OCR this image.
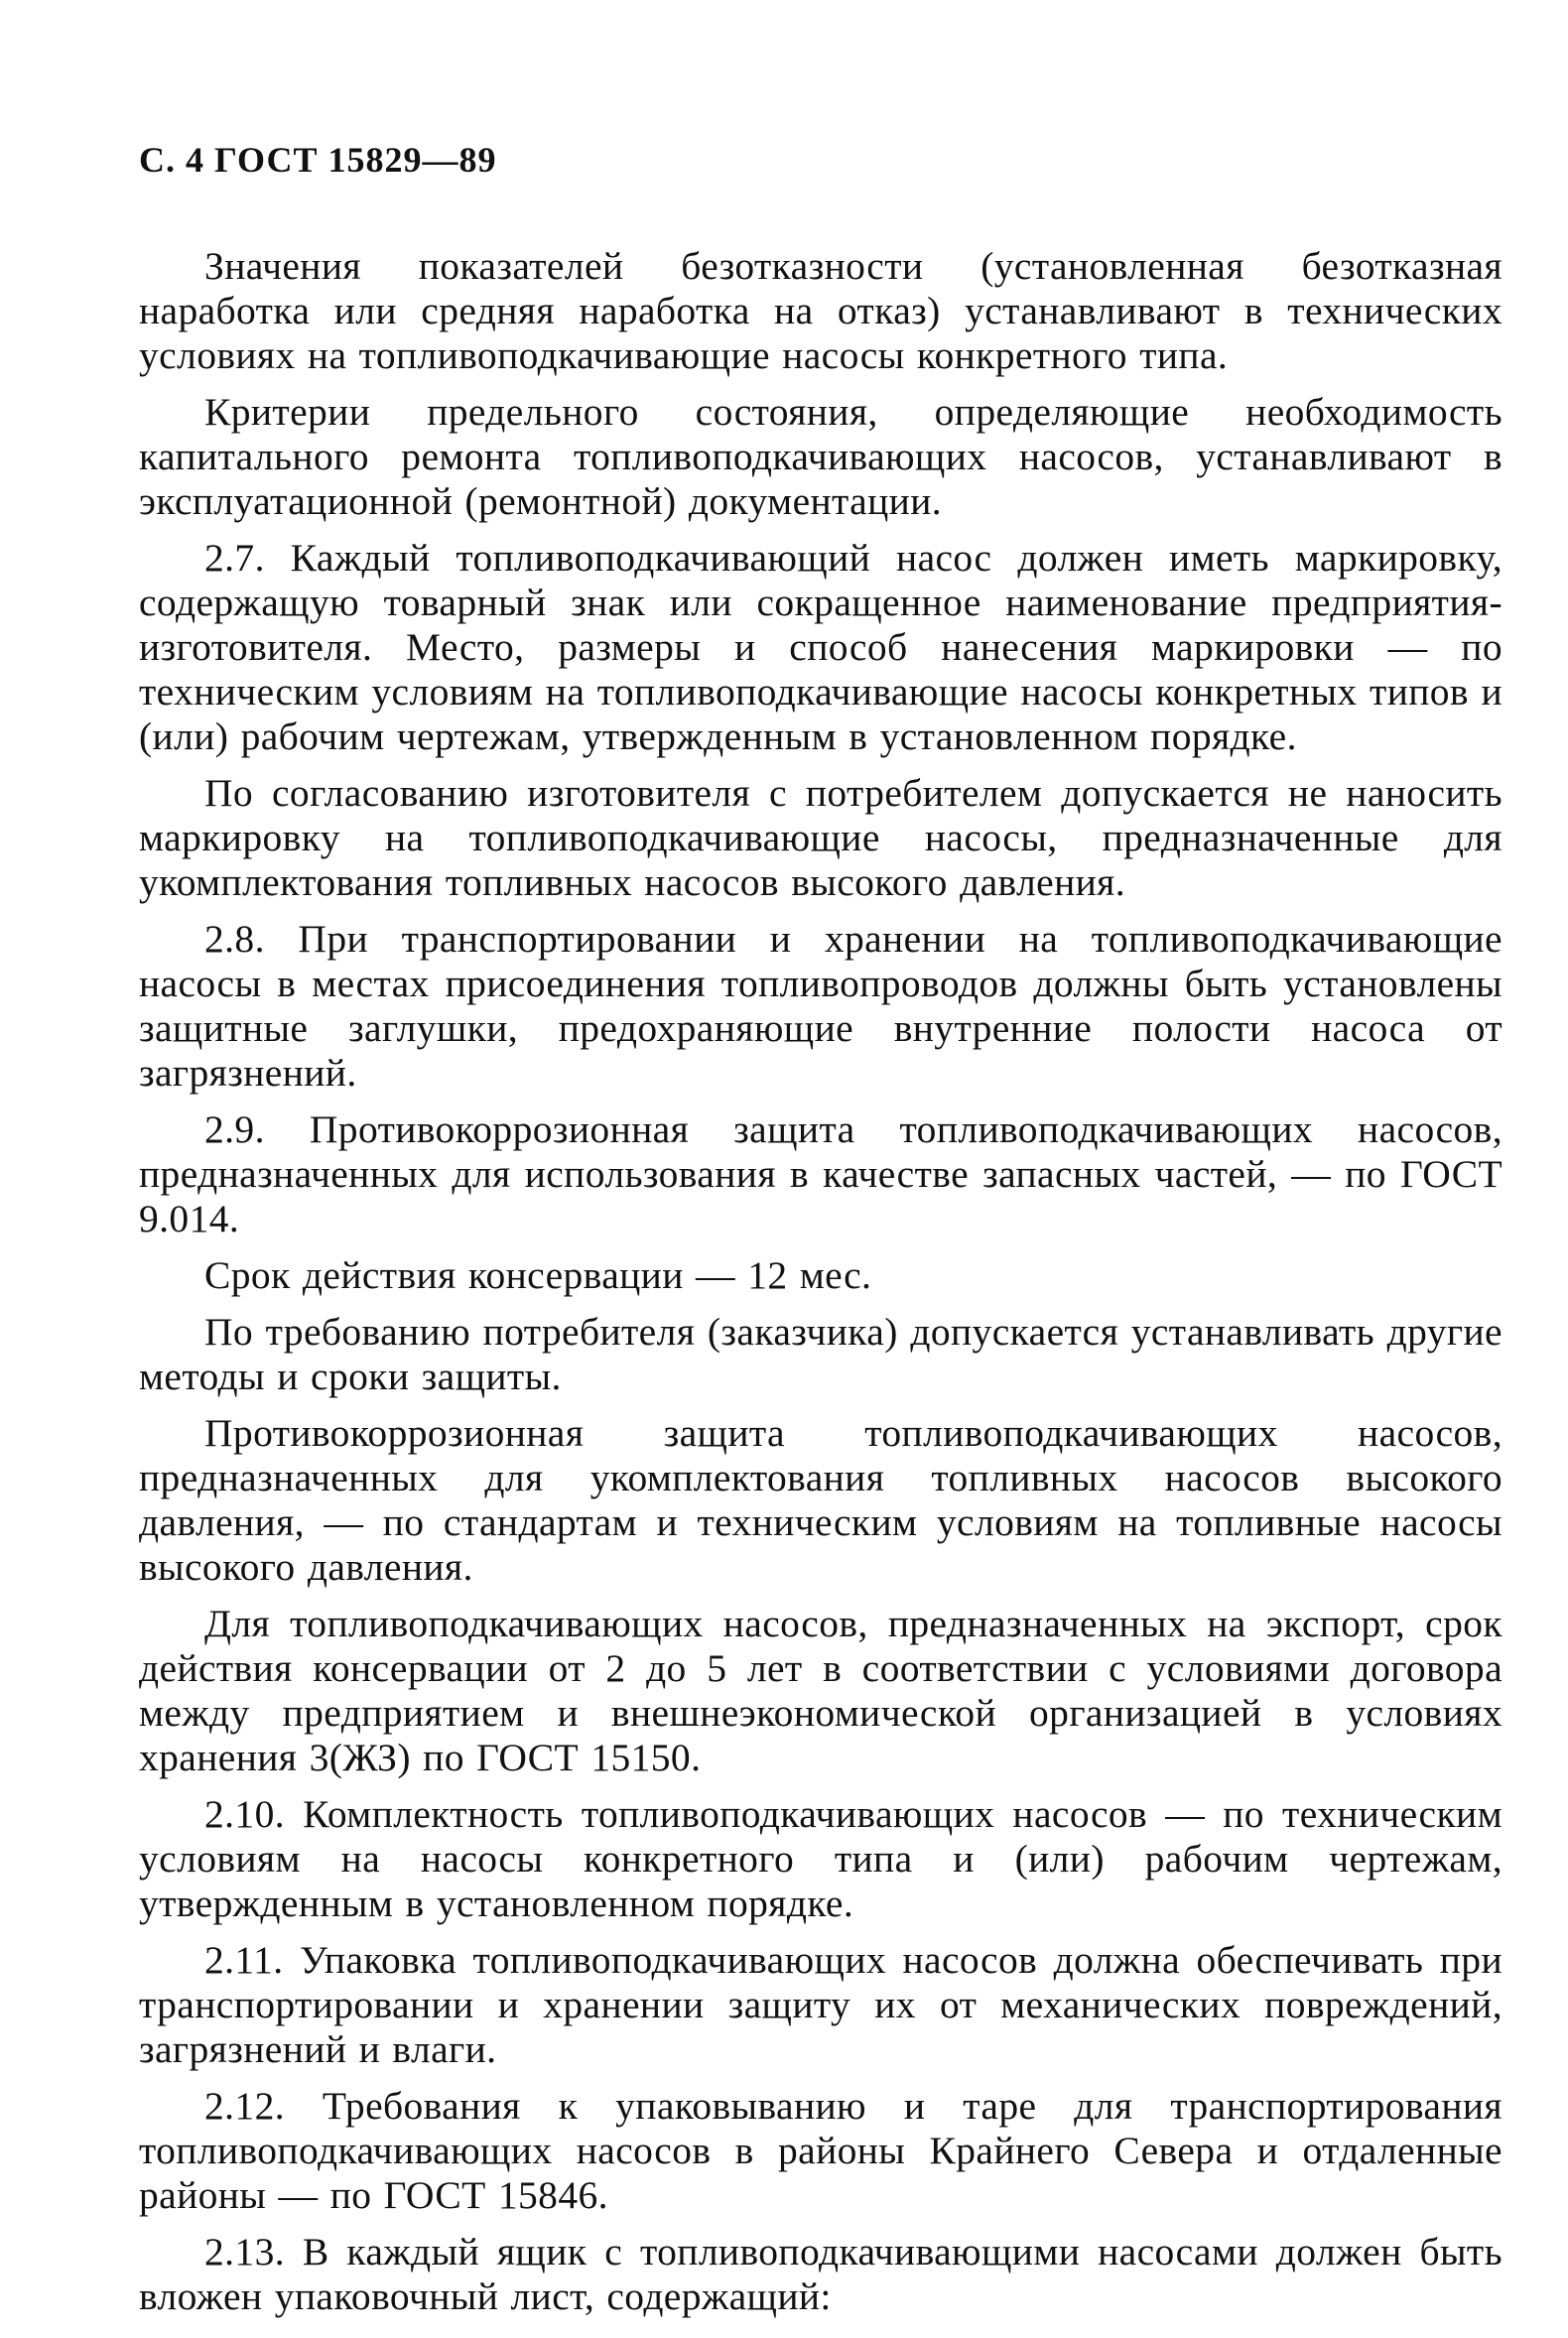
С. 4 ГОСТ 15829—89

Значения показателей безотказности (установленная безотказная наработка или средняя наработка на отказ) устанавливают в технических условиях на топливоподкачивающие насосы конкретного типа.

Критерии предельного состояния, определяющие необходимость капитального ремонта топливоподкачивающих насосов, устанавливают в эксплуатационной (ремонтной) документации.

2.7. Каждый топливоподкачивающий насос должен иметь маркировку, содержащую товарный знак или сокращенное наименование предприятия-изготовителя. Место, размеры и способ нанесения маркировки — по техническим условиям на топливоподкачивающие насосы конкретных типов и (или) рабочим чертежам, утвержденным в установленном порядке.

По согласованию изготовителя с потребителем допускается не наносить маркировку на топливоподкачивающие насосы, предназначенные для укомплектования топливных насосов высокого давления.

2.8. При транспортировании и хранении на топливоподкачивающие насосы в местах присоединения топливопроводов должны быть установлены защитные заглушки, предохраняющие внутренние полости насоса от загрязнений.

2.9. Противокоррозионная защита топливоподкачивающих насосов, предназначенных для использования в качестве запасных частей, — по ГОСТ 9.014.

Срок действия консервации — 12 мес.

По требованию потребителя (заказчика) допускается устанавливать другие методы и сроки защиты.

Противокоррозионная защита топливоподкачивающих насосов, предназначенных для укомплектования топливных насосов высокого давления, — по стандартам и техническим условиям на топливные насосы высокого давления.

Для топливоподкачивающих насосов, предназначенных на экспорт, срок действия консервации от 2 до 5 лет в соответствии с условиями договора между предприятием и внешнеэкономической организацией в условиях хранения 3(ЖЗ) по ГОСТ 15150.

2.10. Комплектность топливоподкачивающих насосов — по техническим условиям на насосы конкретного типа и (или) рабочим чертежам, утвержденным в установленном порядке.

2.11. Упаковка топливоподкачивающих насосов должна обеспечивать при транспортировании и хранении защиту их от механических повреждений, загрязнений и влаги.

2.12. Требования к упаковыванию и таре для транспортирования топливоподкачивающих насосов в районы Крайнего Севера и отдаленные районы — по ГОСТ 15846.

2.13. В каждый ящик с топливоподкачивающими насосами должен быть вложен упаковочный лист, содержащий:
